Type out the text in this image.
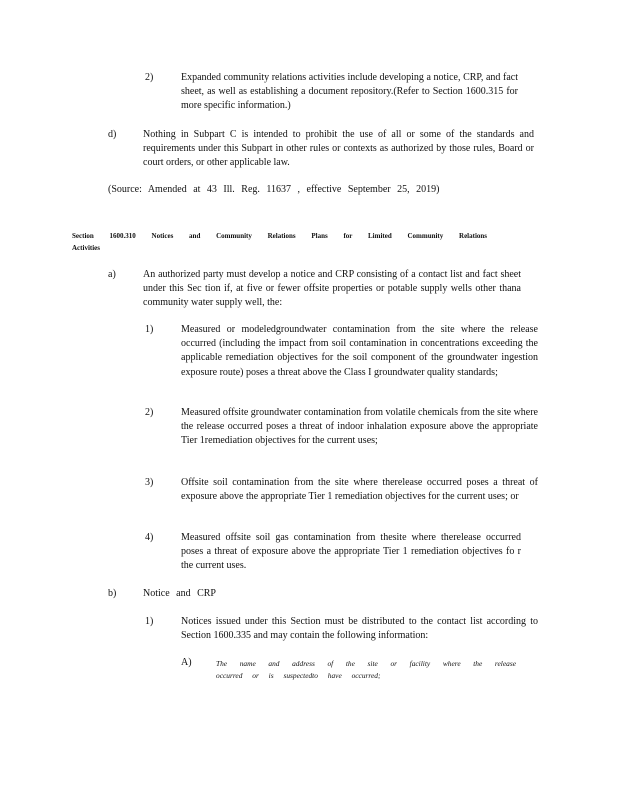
2)	Expanded community relations activities include developing a notice, CRP, and fact sheet, as well as establishing a document repository.(Refer to Section 1600.315 for more specific information.)
d)	Nothing in Subpart C is intended to prohibit the use of all or some of the standards and requirements under this Subpart in other rules or contexts as authorized by those rules, Board or court orders, or other applicable law.
(Source: Amended at 43 Ill. Reg. 11637 , effective September 25, 2019)
Section 1600.310 Notices and Community Relations Plans for Limited Community Relations Activities
a)	An authorized party must develop a notice and CRP consisting of a contact list and fact sheet under this Sec tion if, at five or fewer offsite properties or potable supply wells other thana community water supply well, the:
1)	Measured or modeledgroundwater contamination from the site where the release occurred (including the impact from soil contamination in concentrations exceeding the applicable remediation objectives for the soil component of the groundwater ingestion exposure route) poses a threat above the Class I groundwater quality standards;
2)	Measured offsite groundwater contamination from volatile chemicals from the site where the release occurred poses a threat of indoor inhalation exposure above the appropriate Tier 1remediation objectives for the current uses;
3)	Offsite soil contamination from the site where therelease occurred poses a threat of exposure above the appropriate Tier 1 remediation objectives for the current uses; or
4)	Measured offsite soil gas contamination from thesite where therelease occurred poses a threat of exposure above the appropriate Tier 1 remediation objectives fo r the current uses.
b)	Notice and CRP
1)	Notices issued under this Section must be distributed to the contact list according to Section 1600.335 and may contain the following information:
A)	The name and address of the site or facility where the release occurred or is suspectedto have occurred;
